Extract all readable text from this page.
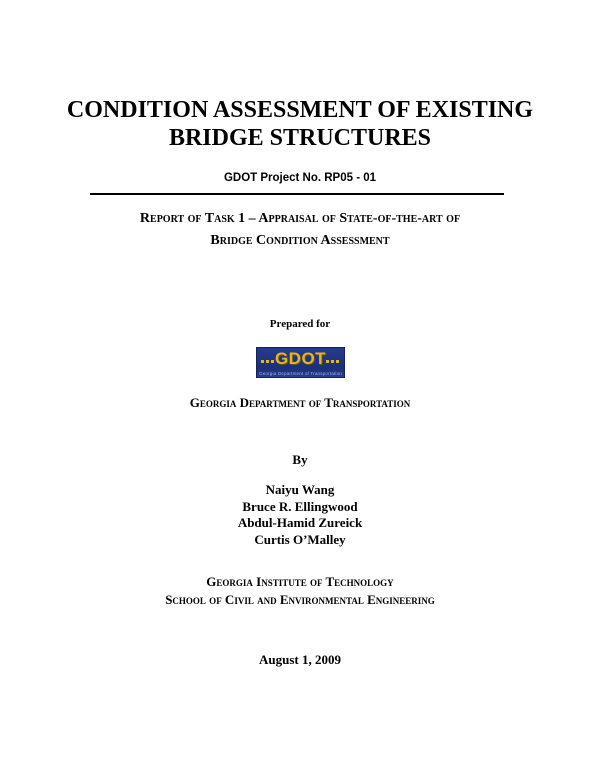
CONDITION ASSESSMENT OF EXISTING
BRIDGE STRUCTURES
GDOT Project No. RP05 - 01
Report of Task 1 – Appraisal of State-of-the-art of
Bridge Condition Assessment
Prepared for
GDOT
Georgia Department of Transportation
Georgia Department of Transportation
By
Naiyu Wang
Bruce R. Ellingwood
Abdul-Hamid Zureick
Curtis O’Malley
Georgia Institute of Technology
School of Civil and Environmental Engineering
August 1, 2009
